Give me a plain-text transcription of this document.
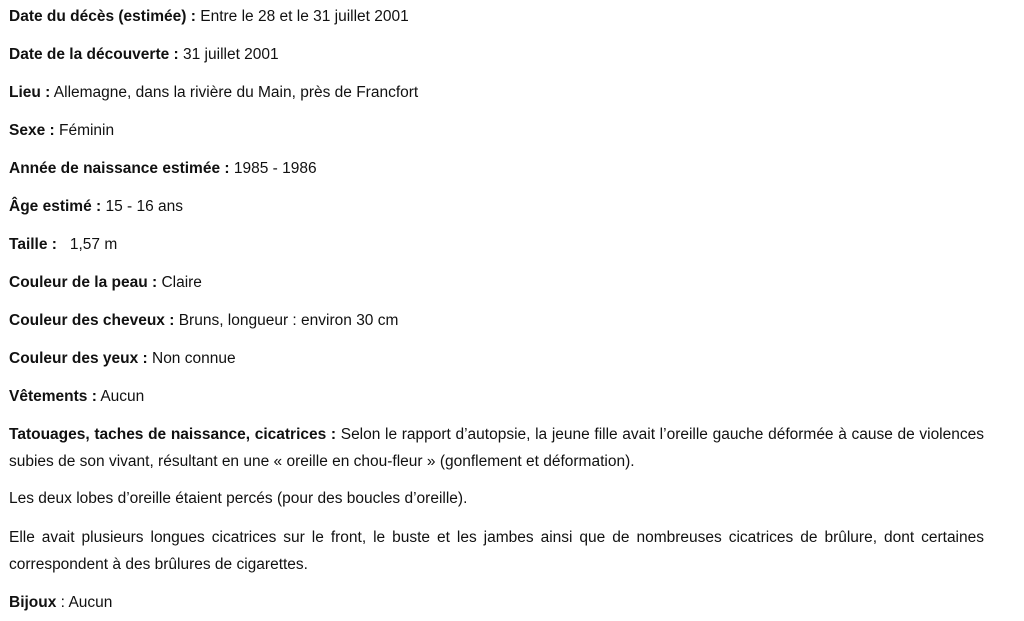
Date du décès (estimée) : Entre le 28 et le 31 juillet 2001
Date de la découverte : 31 juillet 2001
Lieu : Allemagne, dans la rivière du Main, près de Francfort
Sexe : Féminin
Année de naissance estimée : 1985 - 1986
Âge estimé : 15 - 16 ans
Taille :   1,57 m
Couleur de la peau : Claire
Couleur des cheveux : Bruns, longueur : environ 30 cm
Couleur des yeux : Non connue
Vêtements : Aucun
Tatouages, taches de naissance, cicatrices : Selon le rapport d’autopsie, la jeune fille avait l’oreille gauche déformée à cause de violences subies de son vivant, résultant en une « oreille en chou-fleur » (gonflement et déformation).
Les deux lobes d’oreille étaient percés (pour des boucles d’oreille).
Elle avait plusieurs longues cicatrices sur le front, le buste et les jambes ainsi que de nombreuses cicatrices de brûlure, dont certaines correspondent à des brûlures de cigarettes.
Bijoux : Aucun
